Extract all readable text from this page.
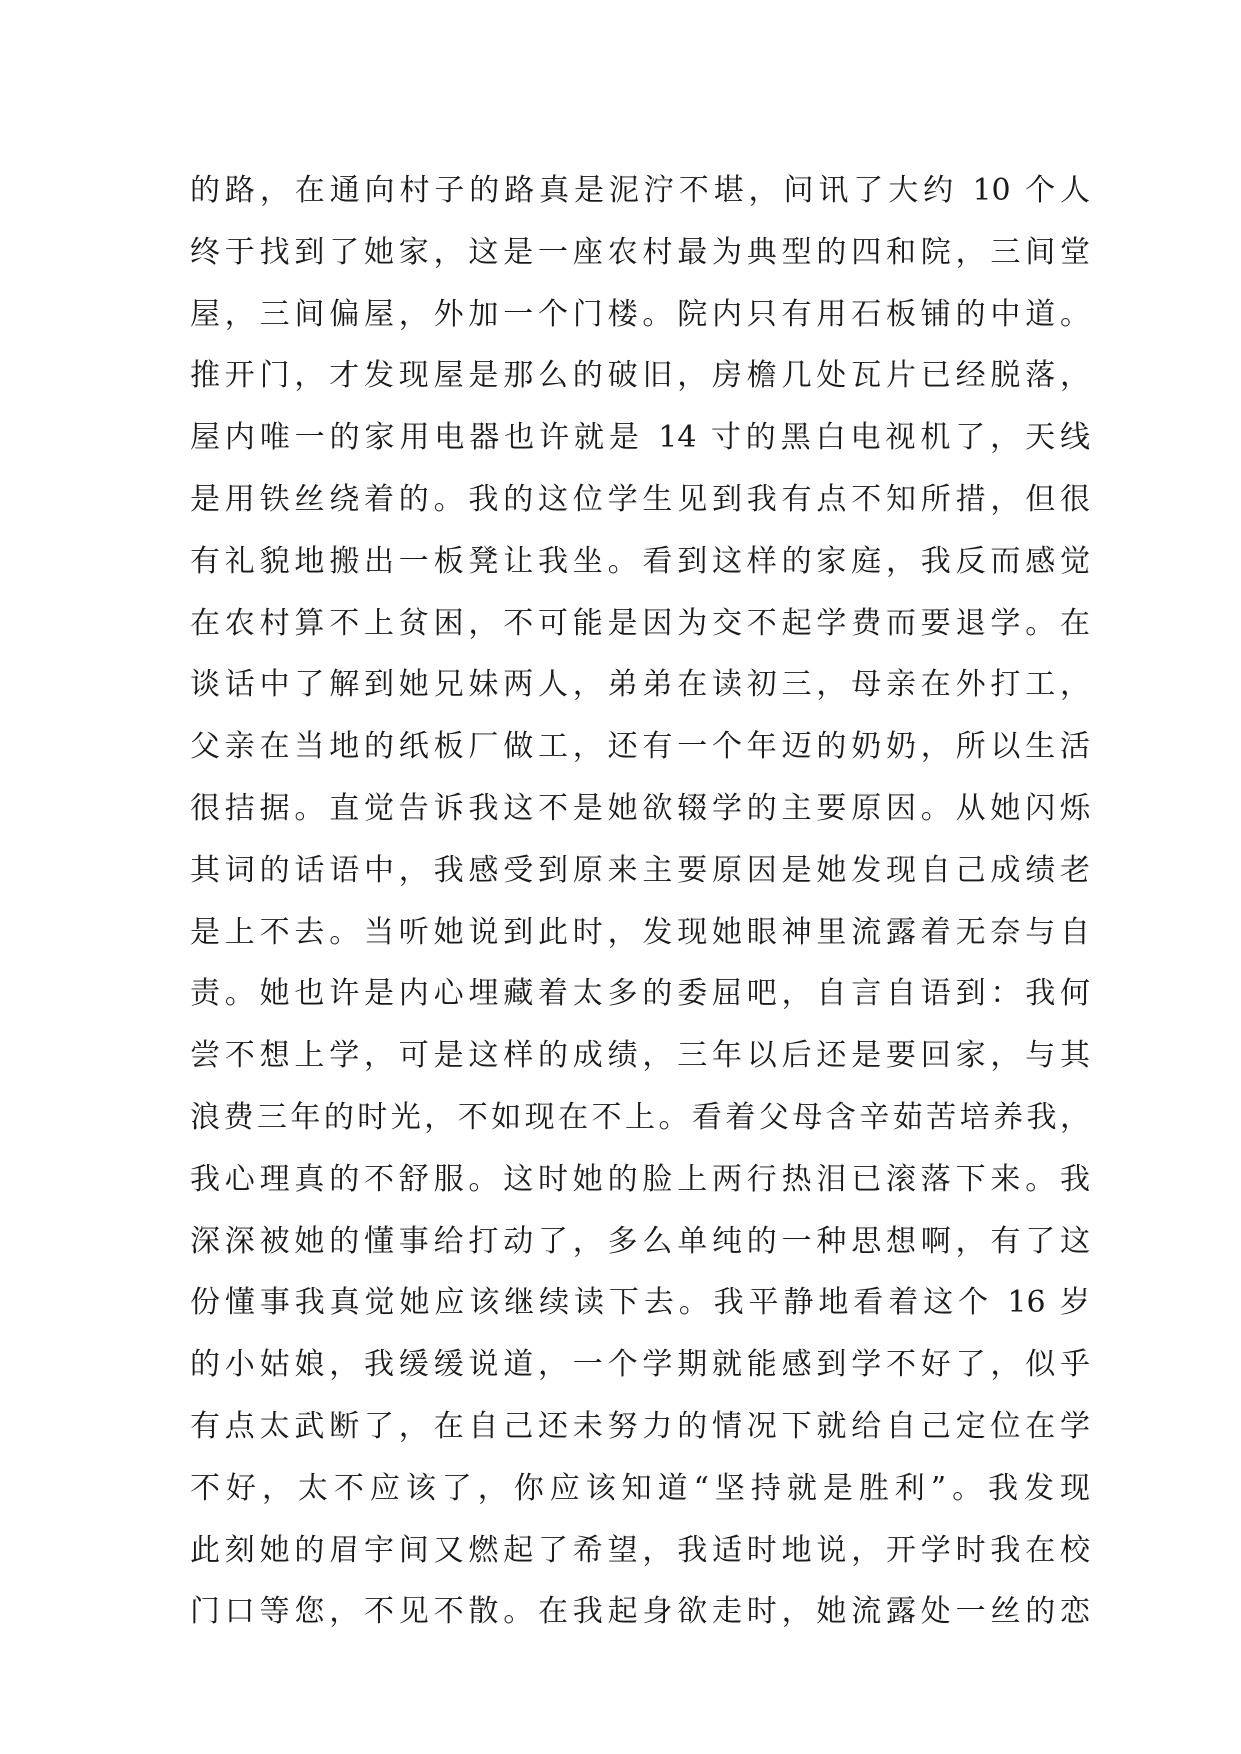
的路，在通向村子的路真是泥泞不堪，问讯了大约 10 个人
终于找到了她家，这是一座农村最为典型的四和院，三间堂
屋，三间偏屋，外加一个门楼。院内只有用石板铺的中道。
推开门，才发现屋是那么的破旧，房檐几处瓦片已经脱落，
屋内唯一的家用电器也许就是 14 寸的黑白电视机了，天线
是用铁丝绕着的。我的这位学生见到我有点不知所措，但很
有礼貌地搬出一板凳让我坐。看到这样的家庭，我反而感觉
在农村算不上贫困，不可能是因为交不起学费而要退学。在
谈话中了解到她兄妹两人，弟弟在读初三，母亲在外打工，
父亲在当地的纸板厂做工，还有一个年迈的奶奶，所以生活
很拮据。直觉告诉我这不是她欲辍学的主要原因。从她闪烁
其词的话语中，我感受到原来主要原因是她发现自己成绩老
是上不去。当听她说到此时，发现她眼神里流露着无奈与自
责。她也许是内心埋藏着太多的委屈吧，自言自语到：我何
尝不想上学，可是这样的成绩，三年以后还是要回家，与其
浪费三年的时光，不如现在不上。看着父母含辛茹苦培养我，
我心理真的不舒服。这时她的脸上两行热泪已滚落下来。我
深深被她的懂事给打动了，多么单纯的一种思想啊，有了这
份懂事我真觉她应该继续读下去。我平静地看着这个 16 岁
的小姑娘，我缓缓说道，一个学期就能感到学不好了，似乎
有点太武断了，在自己还未努力的情况下就给自己定位在学
不好，太不应该了，你应该知道“坚持就是胜利”。我发现
此刻她的眉宇间又燃起了希望，我适时地说，开学时我在校
门口等您，不见不散。在我起身欲走时，她流露处一丝的恋
